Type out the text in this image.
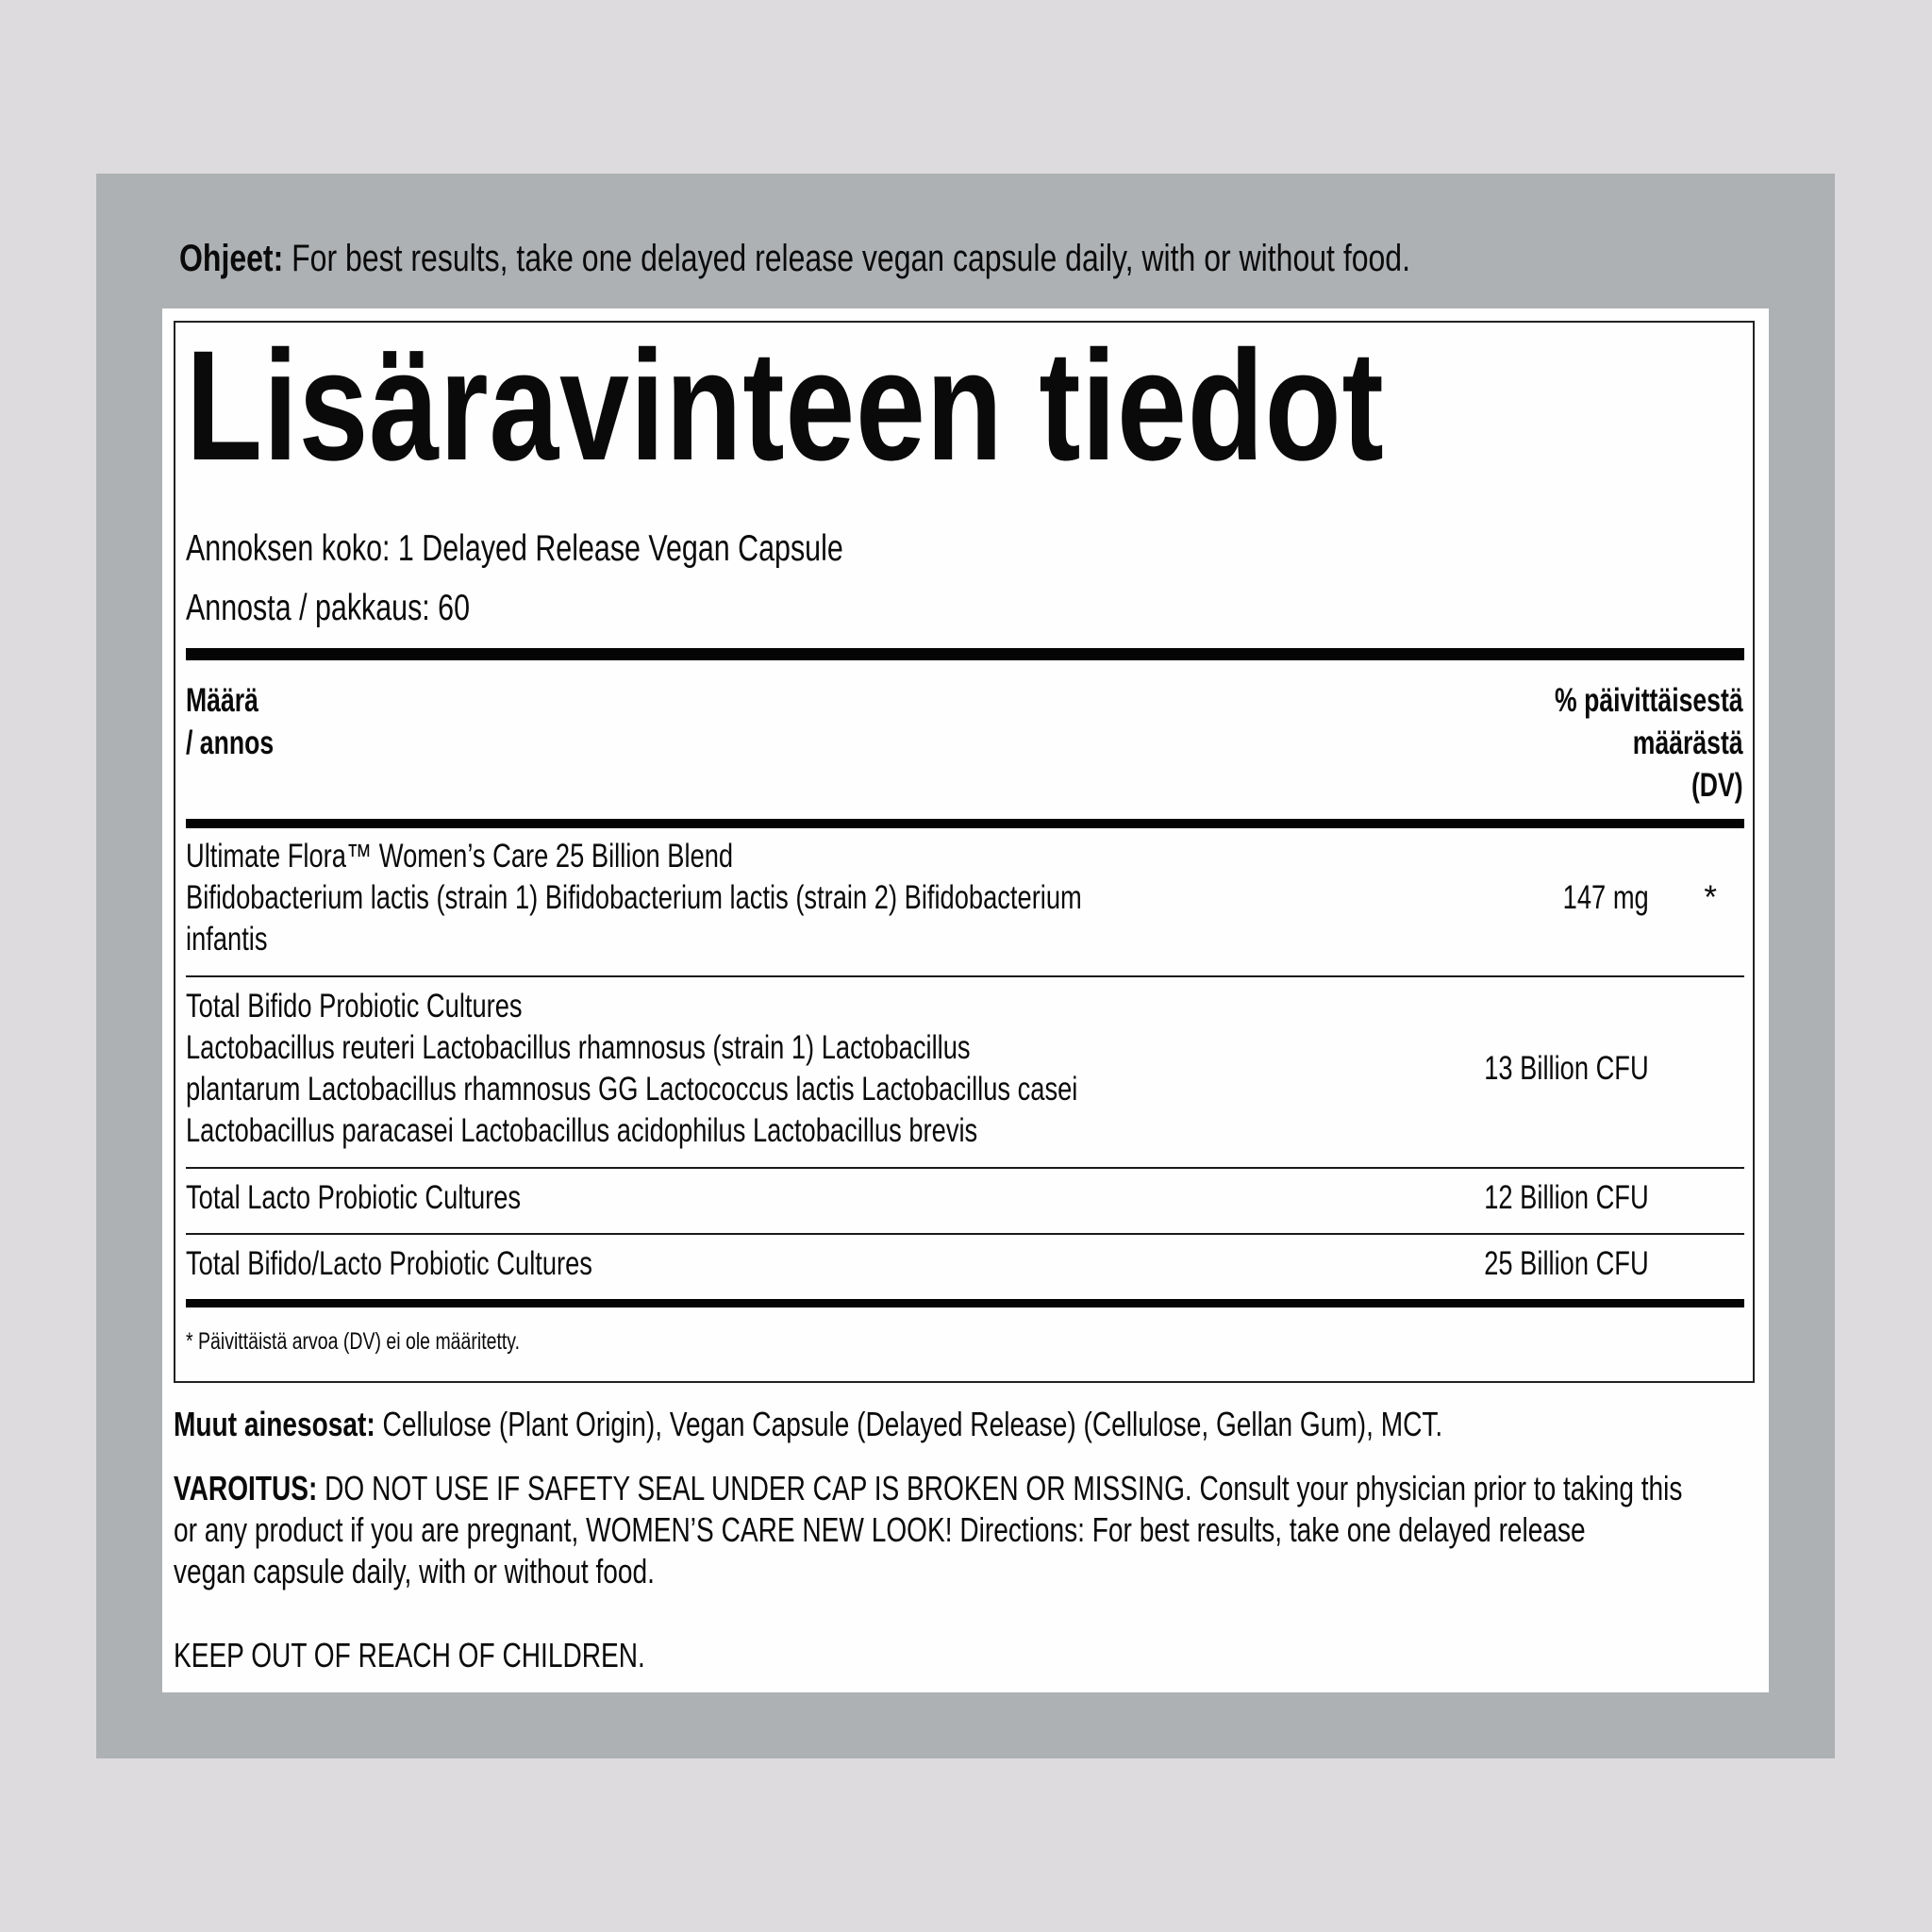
Ohjeet: For best results, take one delayed release vegan capsule daily, with or without food.
Lisäravinteen tiedot
Annoksen koko: 1 Delayed Release Vegan Capsule
Annosta / pakkaus: 60
Määrä
/ annos
% päivittäisestä
määrästä
(DV)
Ultimate Flora™ Women’s Care 25 Billion Blend
Bifidobacterium lactis (strain 1) Bifidobacterium lactis (strain 2) Bifidobacterium
infantis
147 mg *
Total Bifido Probiotic Cultures
Lactobacillus reuteri Lactobacillus rhamnosus (strain 1) Lactobacillus
plantarum Lactobacillus rhamnosus GG Lactococcus lactis Lactobacillus casei
Lactobacillus paracasei Lactobacillus acidophilus Lactobacillus brevis
13 Billion CFU
Total Lacto Probiotic Cultures	12 Billion CFU
Total Bifido/Lacto Probiotic Cultures	25 Billion CFU
* Päivittäistä arvoa (DV) ei ole määritetty.
Muut ainesosat: Cellulose (Plant Origin), Vegan Capsule (Delayed Release) (Cellulose, Gellan Gum), MCT.
VAROITUS: DO NOT USE IF SAFETY SEAL UNDER CAP IS BROKEN OR MISSING. Consult your physician prior to taking this
or any product if you are pregnant, WOMEN’S CARE NEW LOOK! Directions: For best results, take one delayed release
vegan capsule daily, with or without food.
KEEP OUT OF REACH OF CHILDREN.
